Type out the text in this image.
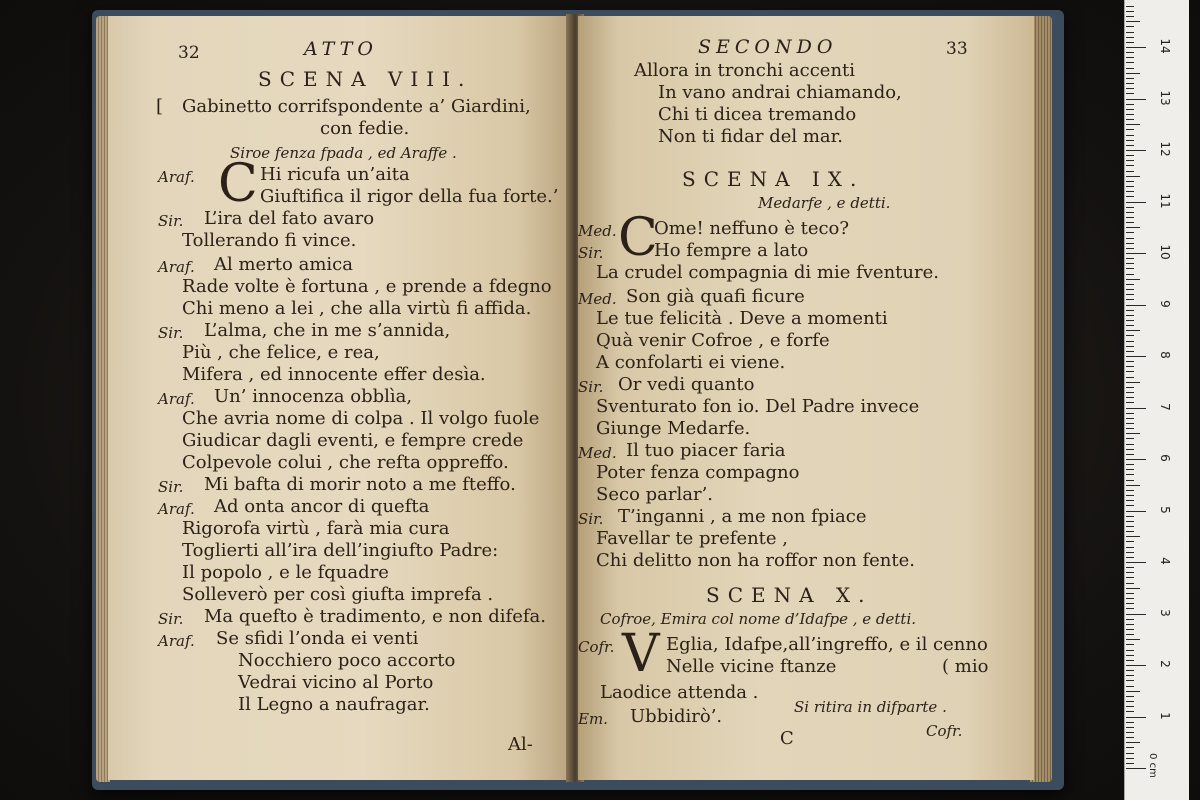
32	ATTO
SCENA VIII.
[ Gabinetto corrifspondente a’ Giardini,
con fedie.
Siroe fenza fpada , ed Araffe .
Araf. C Hi ricufa un’aita
Giuftifica il rigor della fua forte.’
Sir. L’ira del fato avaro
Tollerando fi vince.
Araf. Al merto amica
Rade volte è fortuna , e prende a fdegno
Chi meno a lei , che alla virtù fi affida.
Sir. L’alma, che in me s’annida,
Più , che felice, e rea,
Mifera , ed innocente effer desìa.
Araf. Un’ innocenza obblìa,
Che avria nome di colpa . Il volgo fuole
Giudicar dagli eventi, e fempre crede
Colpevole colui , che refta oppreffo.
Sir. Mi bafta di morir noto a me fteffo.
Araf. Ad onta ancor di quefta
Rigorofa virtù , farà mia cura
Toglierti all’ira dell’ingiufto Padre:
Il popolo , e le fquadre
Solleverò per così giufta imprefa .
Sir. Ma quefto è tradimento, e non difefa.
Araf. Se sfidi l’onda ei venti
Nocchiero poco accorto
Vedrai vicino al Porto
Il Legno a naufragar.
Al-
SECONDO	33
Allora in tronchi accenti
In vano andrai chiamando,
Chi ti dicea tremando
Non ti fidar del mar.
SCENA IX.
Medarfe , e detti.
Med. C
Ome! neffuno è teco?
Sir.	Ho fempre a lato
La crudel compagnia di mie fventure.
Med. Son già quafi ficure
Le tue felicità . Deve a momenti
Quà venir Cofroe , e forfe
A confolarti ei viene.
Sir. Or vedi quanto
Sventurato fon io. Del Padre invece
Giunge Medarfe.
Med. Il tuo piacer faria
Poter fenza compagno
Seco parlar’.
Sir. T’inganni , a me non fpiace
Favellar te prefente ,
Chi delitto non ha roffor non fente.
SCENA X.
Cofroe, Emira col nome d’Idafpe , e detti.
Cofr. V Eglia, Idafpe,all’ingreffo, e il cenno
Nelle vicine ftanze	( mio
Laodice attenda .
Em. Ubbidirò’.	Si ritira in difparte .
C	Cofr.
1
2
3
4
5
6
7
8
9
10
11
12
13
14
0 cm
